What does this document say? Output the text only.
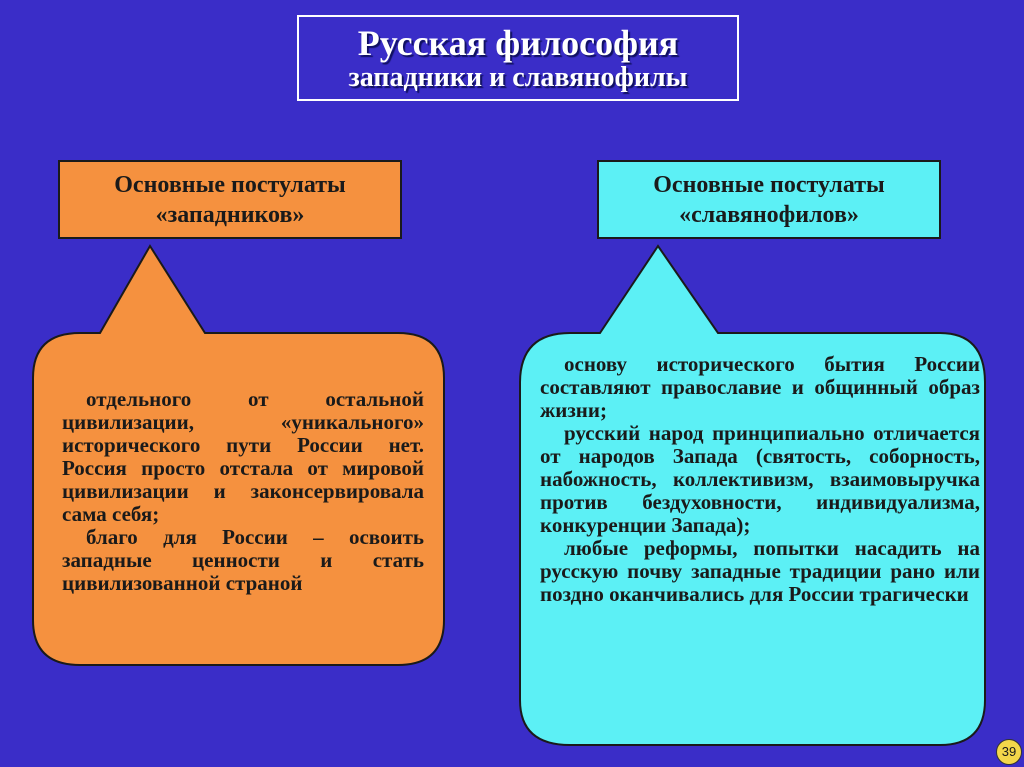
Русская философия
западники и славянофилы
Основные постулаты
«западников»
Основные постулаты
«славянофилов»

отдельного от остальной цивилизации, «уникального» исторического пути России нет. Россия просто отстала от мировой цивилизации и законсервировала сама себя;

благо для России – освоить западные ценности и стать цивилизованной страной

основу исторического бытия России составляют православие и общинный образ жизни;

русский народ принципиально отличается от народов Запада (святость, соборность, набожность, коллективизм, взаимовыручка против бездуховности, индивидуализма, конкуренции Запада);

любые реформы, попытки насадить на русскую почву западные традиции рано или поздно оканчивались для России трагически

39
